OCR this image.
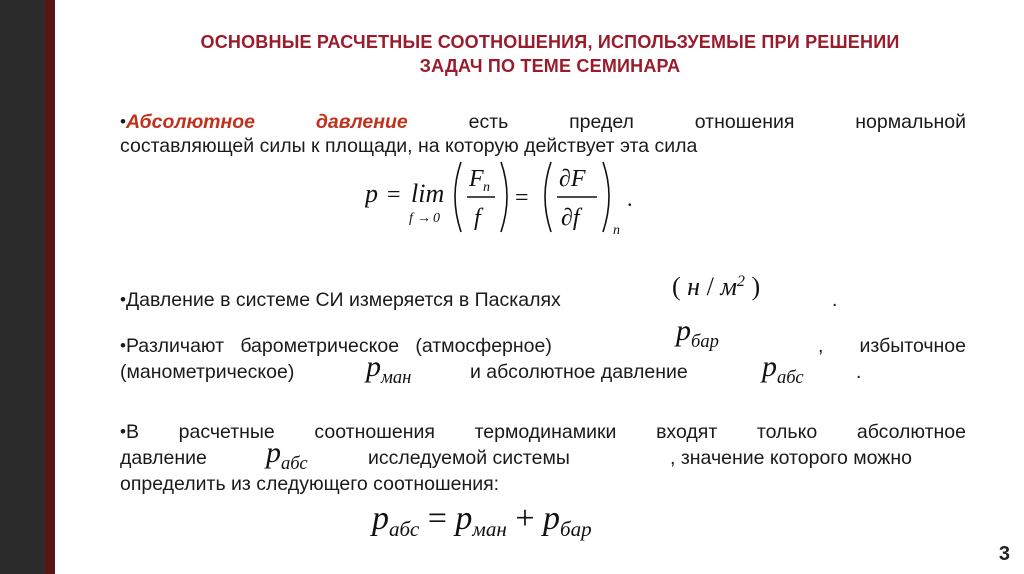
ОСНОВНЫЕ РАСЧЕТНЫЕ СООТНОШЕНИЯ, ИСПОЛЬЗУЕМЫЕ ПРИ РЕШЕНИИ
ЗАДАЧ ПО ТЕМЕ СЕМИНАРА
•Абсолютное давление	есть	предел	отношения	нормальной
составляющей силы к площади, на которую действует эта сила
p = lim
f → 0
F n
f
=
∂F
∂f n
.
•Давление в системе СИ измеряется в Паскалях	( н / $м^2$ )	.
•Различают барометрическое (атмосферное)	$p_{бар}$	, избыточное
(манометрическое) $p_{ман}$	и абсолютное давление $p_{абс}$	.
•В расчетные соотношения термодинамики входят только абсолютное
давление $p_{абс}$	исследуемой системы	, значение которого можно
определить из следующего соотношения:
$p_{абс} = p_{ман} + p_{бар}$
3
